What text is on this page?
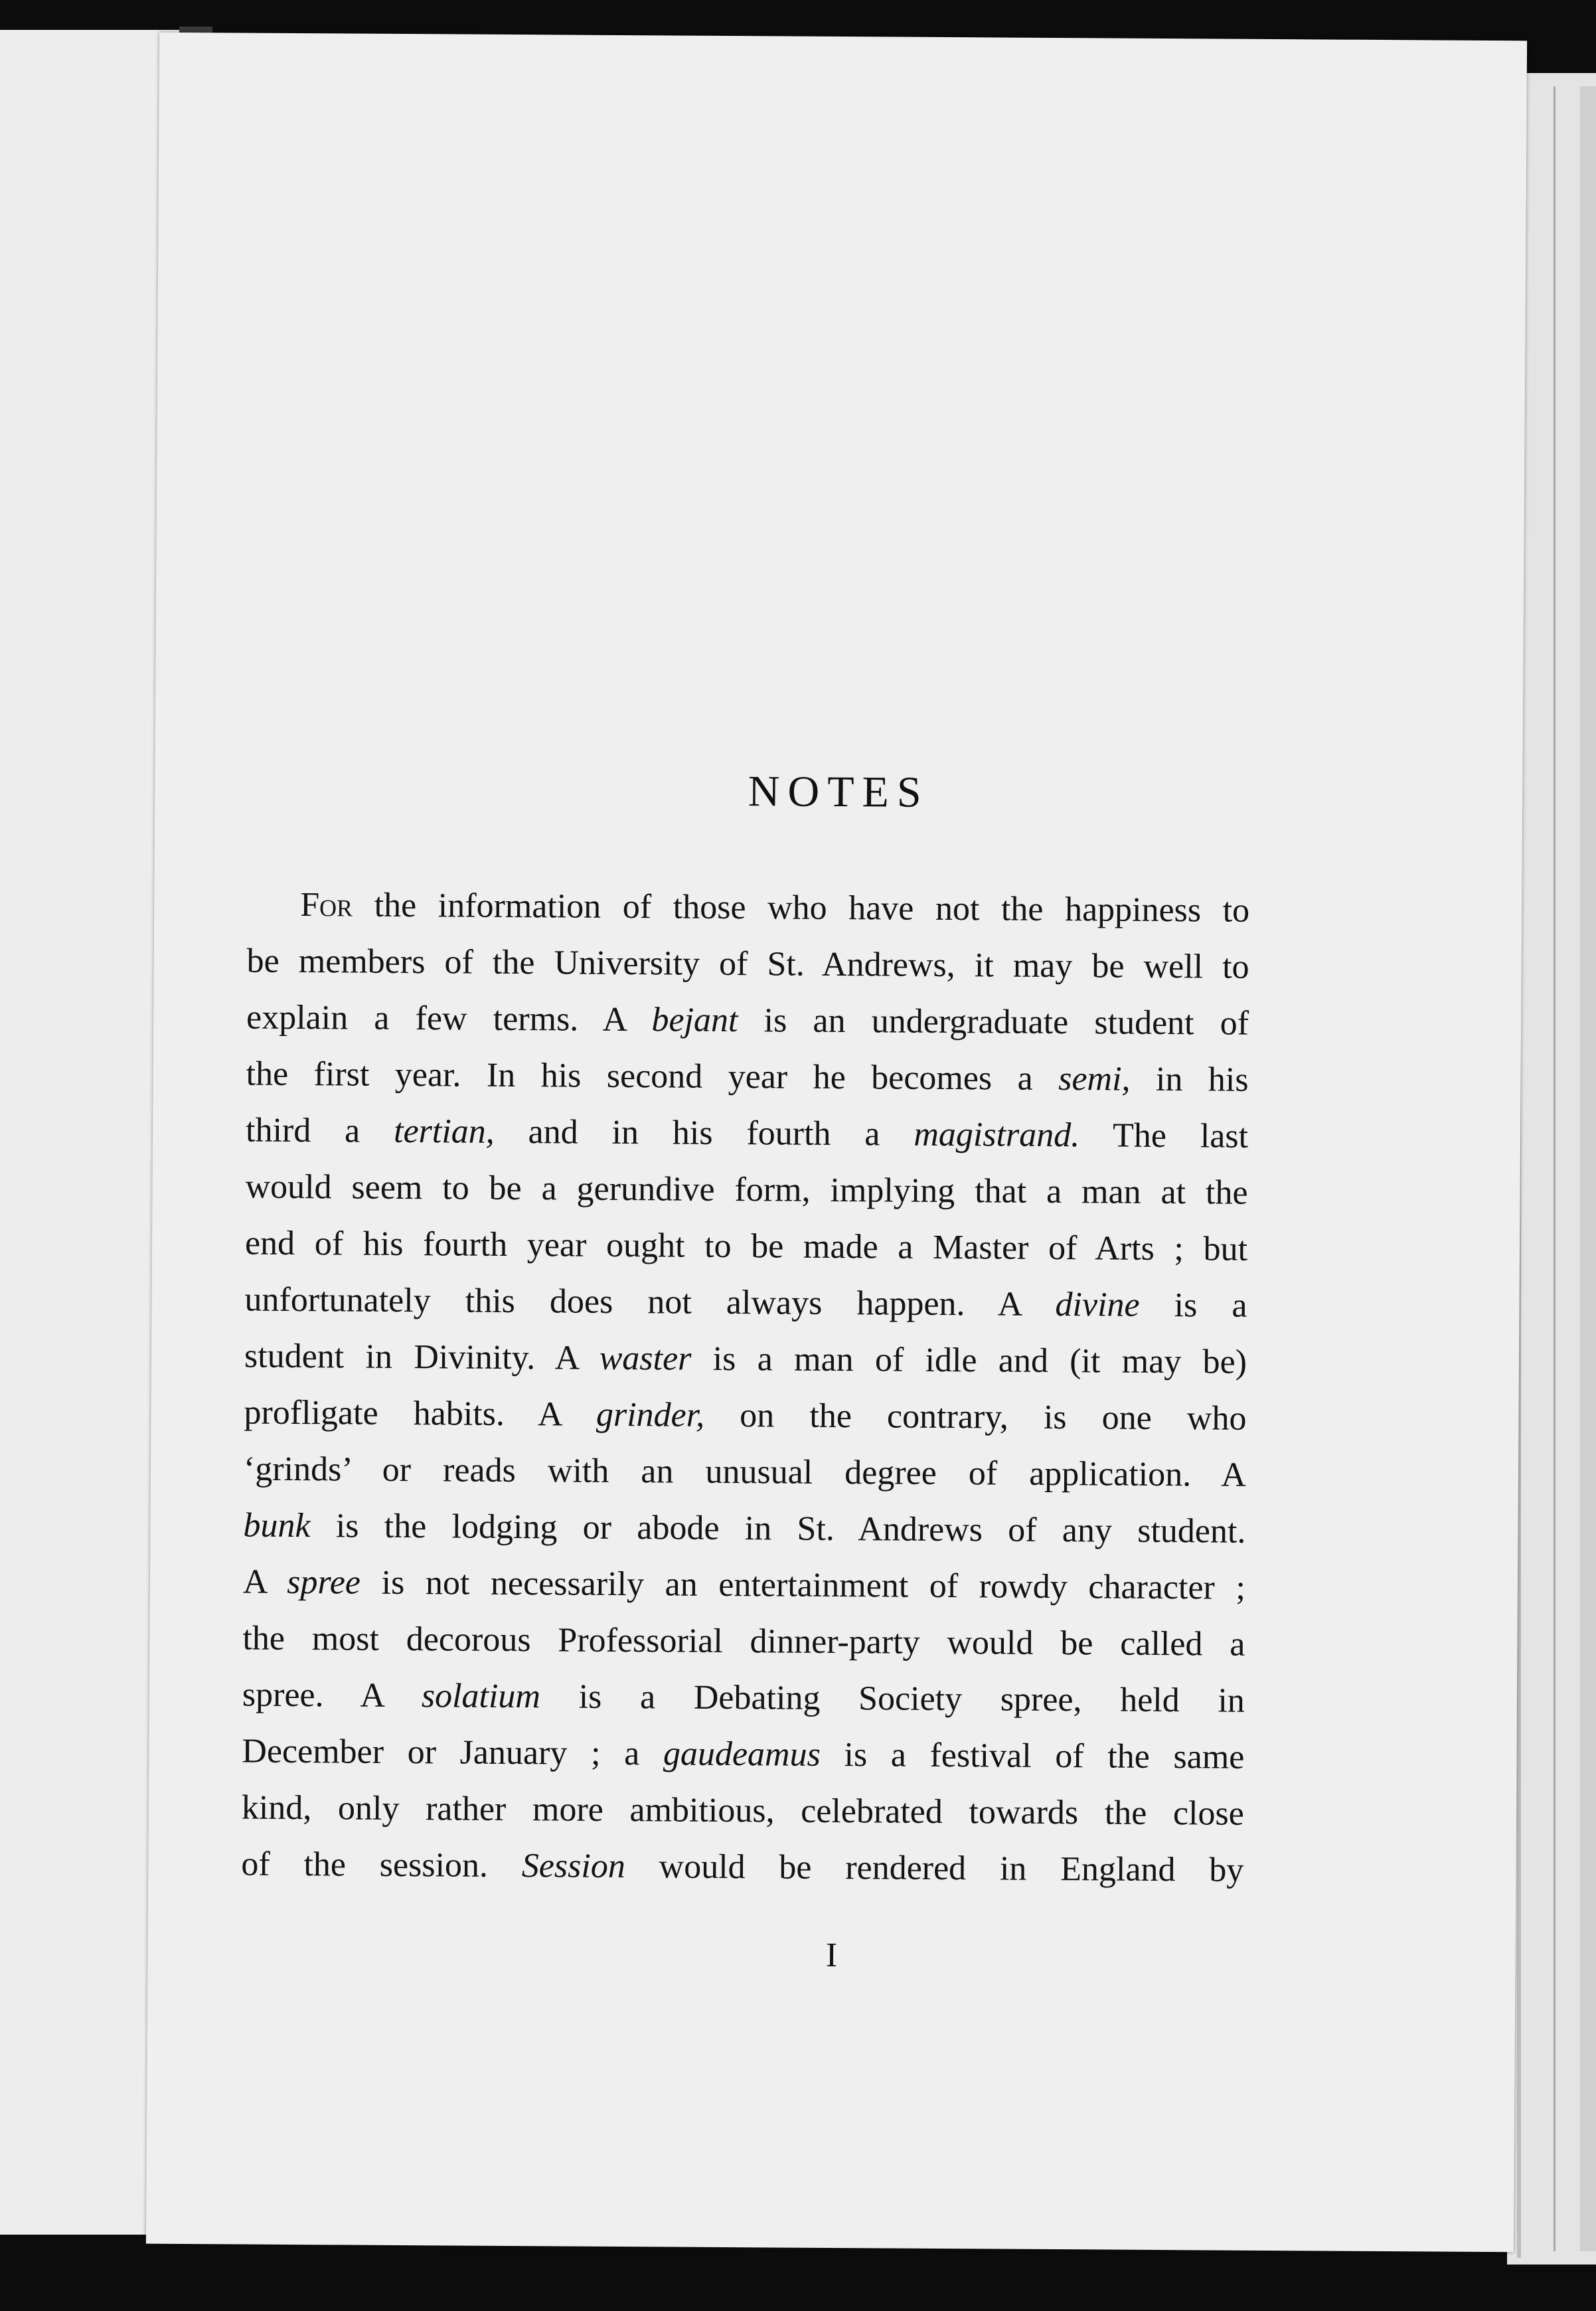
NOTES
For the information of those who have not the happiness to
be members of the University of St. Andrews, it may be well to
explain a few terms. A bejant is an undergraduate student of
the first year. In his second year he becomes a semi, in his
third a tertian, and in his fourth a magistrand. The last
would seem to be a gerundive form, implying that a man at the
end of his fourth year ought to be made a Master of Arts ; but
unfortunately this does not always happen. A divine is a
student in Divinity. A waster is a man of idle and (it may be)
profligate habits. A grinder, on the contrary, is one who
‘grinds’ or reads with an unusual degree of application. A
bunk is the lodging or abode in St. Andrews of any student.
A spree is not necessarily an entertainment of rowdy character ;
the most decorous Professorial dinner-party would be called a
spree. A solatium is a Debating Society spree, held in
December or January ; a gaudeamus is a festival of the same
kind, only rather more ambitious, celebrated towards the close
of the session. Session would be rendered in England by
I
